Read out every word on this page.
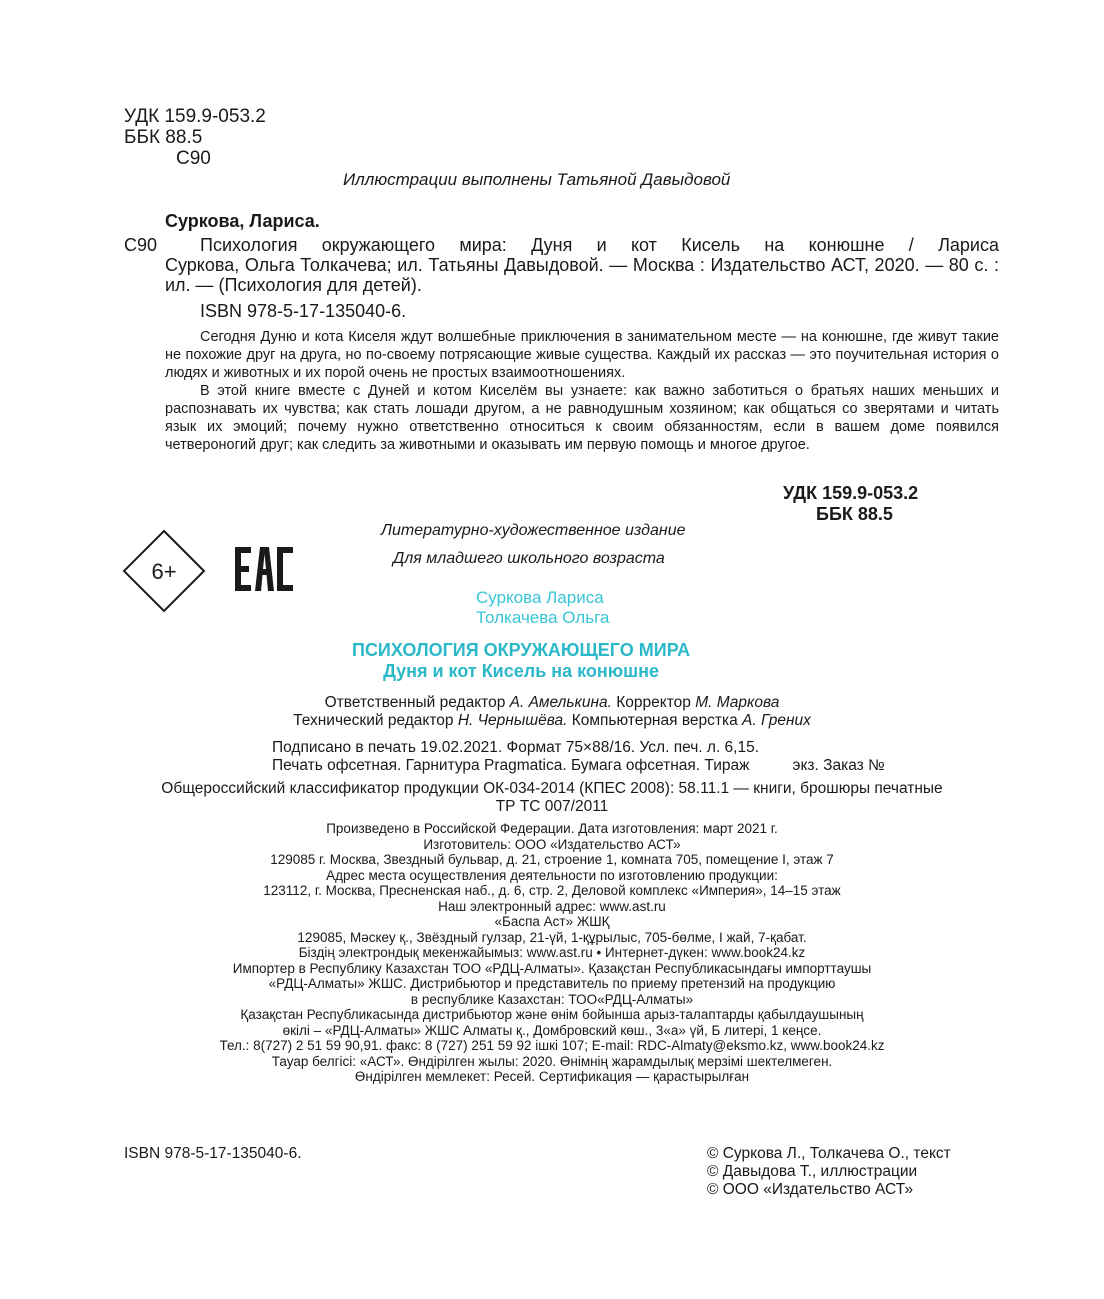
УДК 159.9-053.2
ББК 88.5
С90
Иллюстрации выполнены Татьяной Давыдовой
Суркова, Лариса.
С90	Психология окружающего мира: Дуня и кот Кисель на конюшне / Лариса
Суркова, Ольга Толкачева; ил. Татьяны Давыдовой. — Москва : Издательство АСТ, 2020. — 80 с. : ил. — (Психология для детей).
ISBN 978-5-17-135040-6.

Сегодня Дуню и кота Киселя ждут волшебные приключения в занимательном месте — на конюшне, где живут такие не похожие друг на друга, но по-своему потрясающие живые существа. Каждый их рассказ — это поучительная история о людях и животных и их порой очень не простых взаимоотношениях.

В этой книге вместе с Дуней и котом Киселём вы узнаете: как важно заботиться о братьях наших меньших и распознавать их чувства; как стать лошади другом, а не равнодушным хозяином; как общаться со зверятами и читать язык их эмоций; почему нужно ответственно относиться к своим обязанностям, если в вашем доме появился четвероногий друг; как следить за животными и оказывать им первую помощь и многое другое.

УДК 159.9-053.2
ББК 88.5
Литературно-художественное издание
Для младшего школьного возраста
6+
Суркова Лариса
Толкачева Ольга
ПСИХОЛОГИЯ ОКРУЖАЮЩЕГО МИРА
Дуня и кот Кисель на конюшне
Ответственный редактор А. Амелькина. Корректор М. Маркова
Технический редактор Н. Чернышёва. Компьютерная верстка А. Грених
Подписано в печать 19.02.2021. Формат 75×88/16. Усл. печ. л. 6,15.
Печать офсетная. Гарнитура Pragmatica. Бумага офсетная. Тираж          экз. Заказ №
Общероссийский классификатор продукции ОК-034-2014 (КПЕС 2008): 58.11.1 — книги, брошюры печатные
ТР ТС 007/2011
Произведено в Российской Федерации. Дата изготовления: март 2021 г.
Изготовитель: ООО «Издательство АСТ»
129085 г. Москва, Звездный бульвар, д. 21, строение 1, комната 705, помещение I, этаж 7
Адрес места осуществления деятельности по изготовлению продукции:
123112, г. Москва, Пресненская наб., д. 6, стр. 2, Деловой комплекс «Империя», 14–15 этаж
Наш электронный адрес: www.ast.ru
«Баспа Аст» ЖШҚ
129085, Мәскеу қ., Звёздный гулзар, 21-үй, 1-құрылыс, 705-бөлме, I жай, 7-қабат.
Біздің электрондық мекенжайымыз: www.ast.ru • Интернет-дүкен: www.book24.kz
Импортер в Республику Казахстан ТОО «РДЦ-Алматы». Қазақстан Республикасындағы импорттаушы
«РДЦ-Алматы» ЖШС. Дистрибьютор и представитель по приему претензий на продукцию
в республике Казахстан: ТОО«РДЦ-Алматы»
Қазақстан Республикасында дистрибьютор және өнім бойынша арыз-талаптарды қабылдаушының
өкілі – «РДЦ-Алматы» ЖШС Алматы қ., Домбровский көш., 3«а» үй, Б литері, 1 кеңсе.
Тел.: 8(727) 2 51 59 90,91. факс: 8 (727) 251 59 92 ішкі 107; E-mail: RDC-Almaty@eksmo.kz, www.book24.kz
Тауар белгісі: «АСТ». Өндірілген жылы: 2020. Өнімнің жарамдылық мерзімі шектелмеген.
Өндірілген мемлекет: Ресей. Сертификация — қарастырылған
ISBN 978-5-17-135040-6.	© Суркова Л., Толкачева О., текст
© Давыдова Т., иллюстрации
© ООО «Издательство АСТ»
